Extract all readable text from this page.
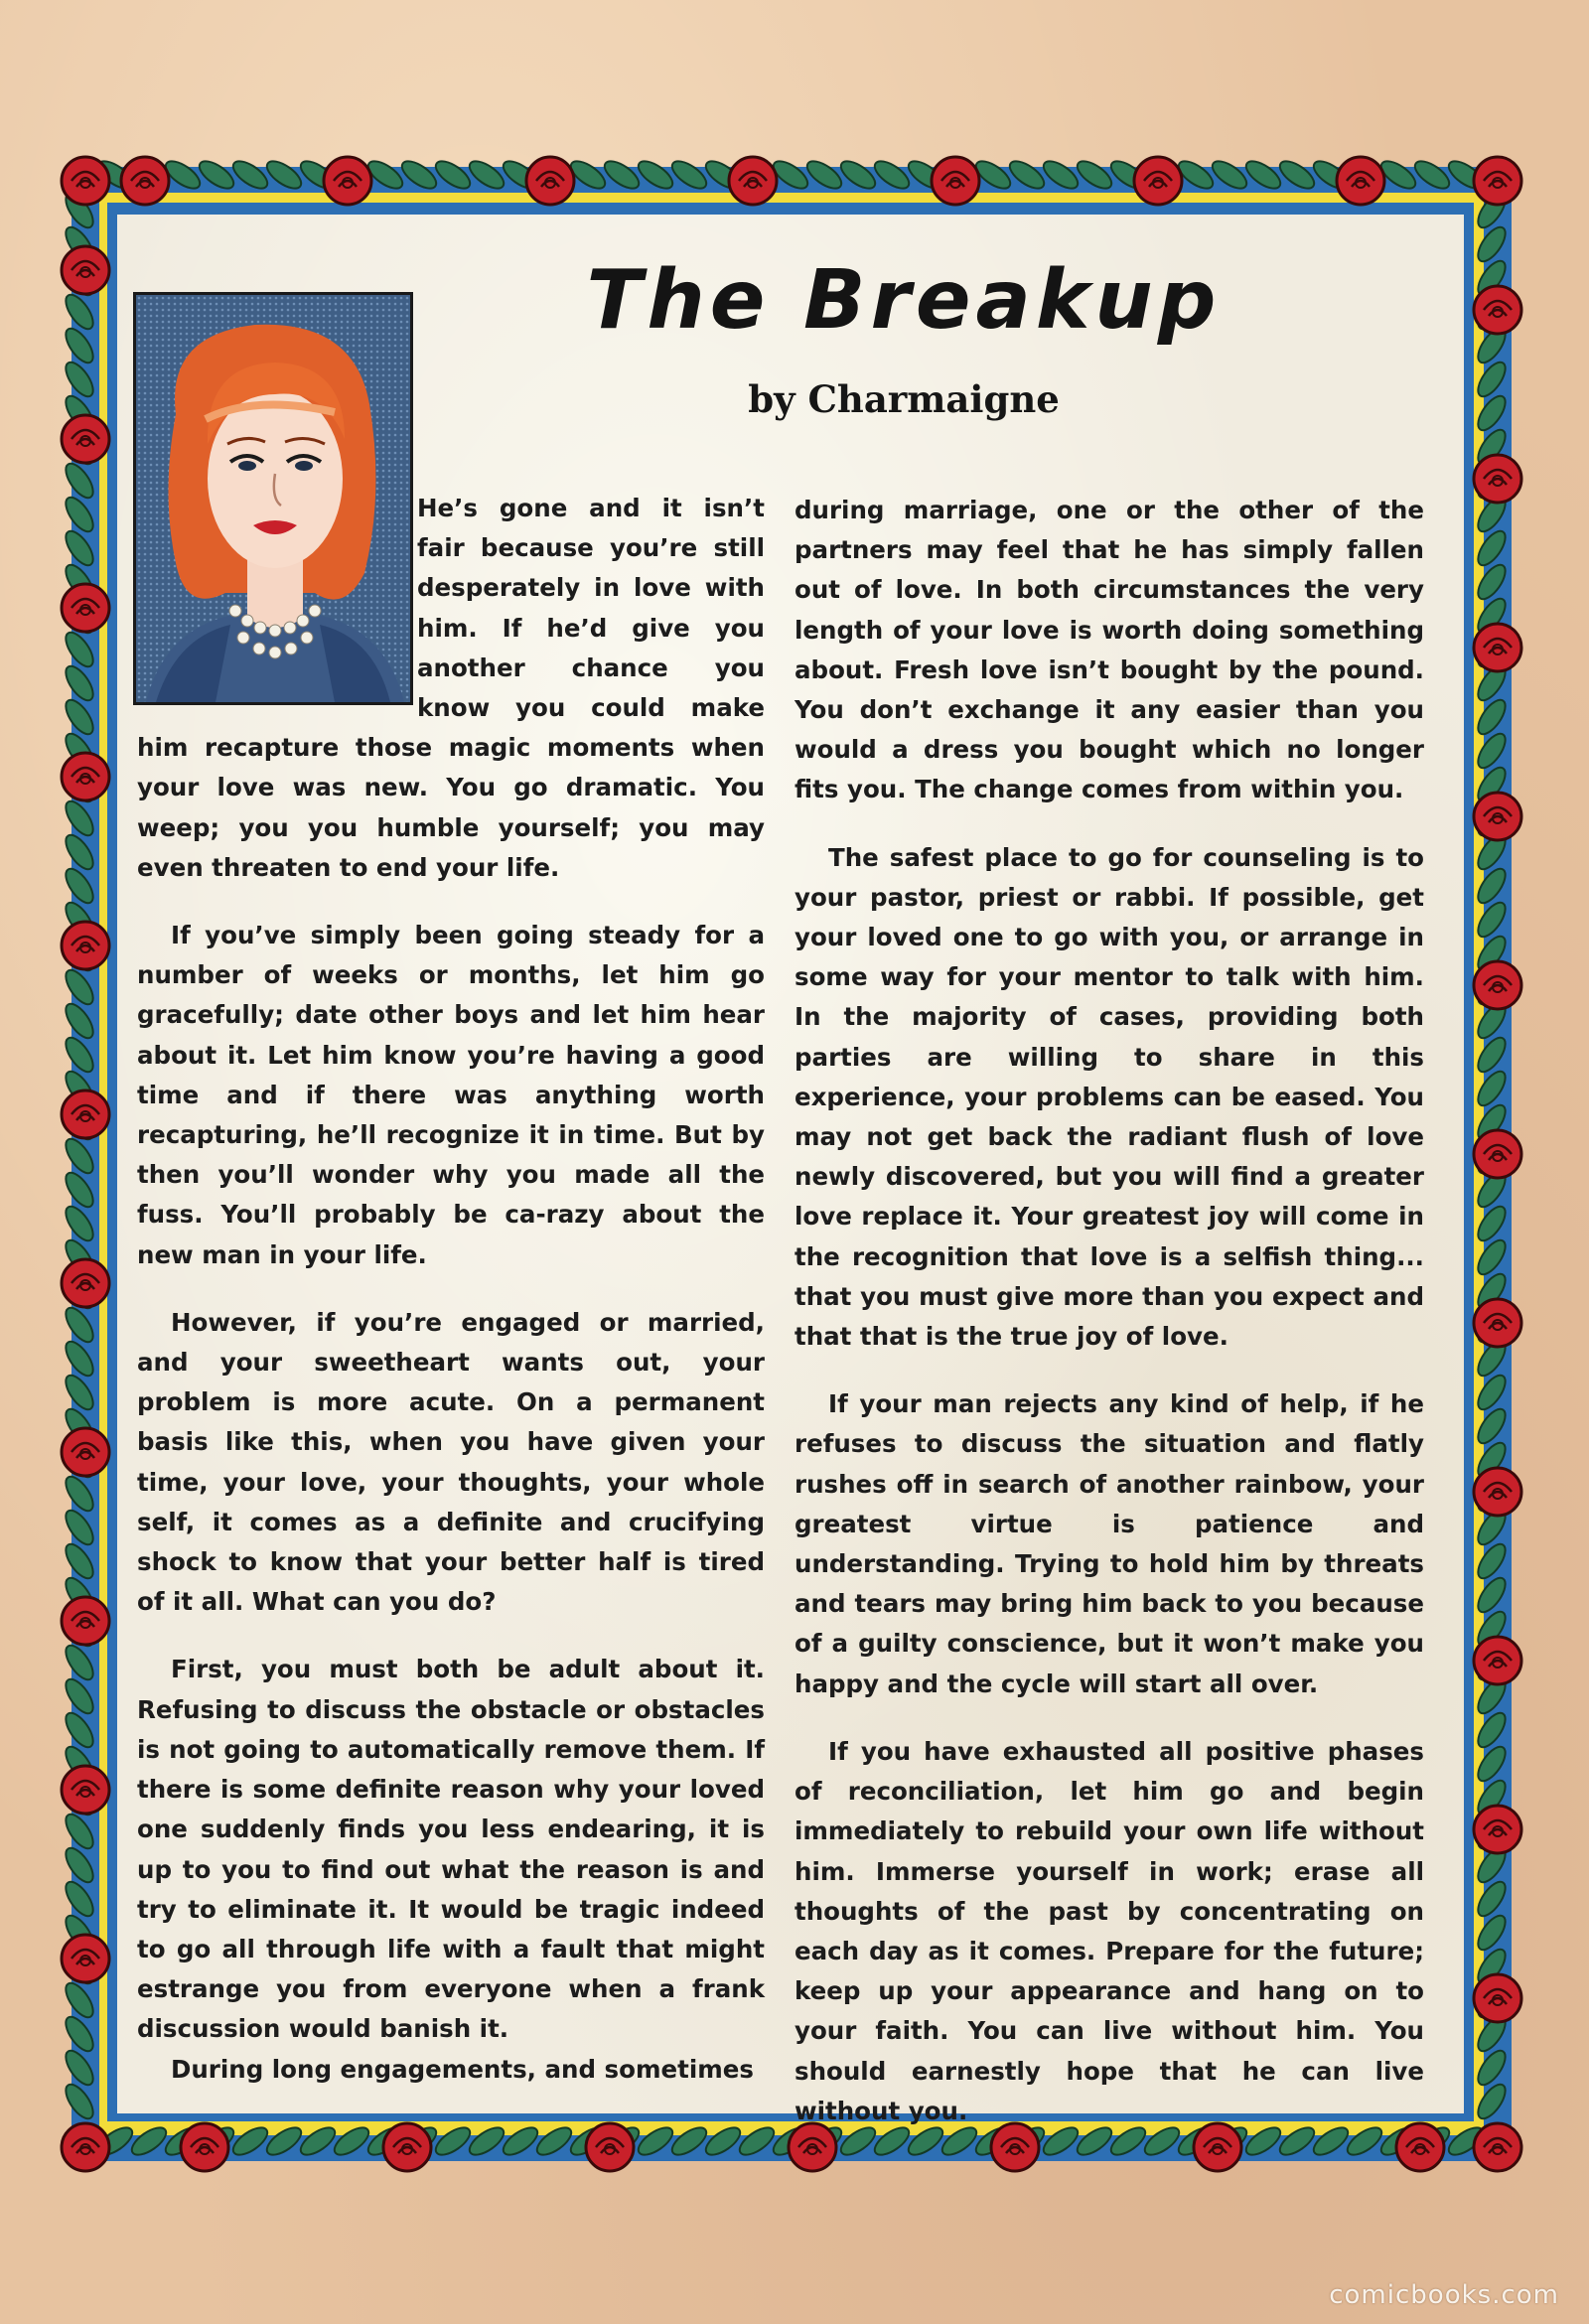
The Breakup
by Charmaigne

He’s gone and it isn’t fair because you’re still desperately in love with him. If he’d give you another chance you know you could make him recapture those magic moments when your love was new. You go dramatic. You weep; you you humble yourself; you may even threaten to end your life.

If you’ve simply been going steady for a number of weeks or months, let him go gracefully; date other boys and let him hear about it. Let him know you’re having a good time and if there was anything worth recapturing, he’ll recognize it in time. But by then you’ll wonder why you made all the fuss. You’ll probably be ca-razy about the new man in your life.

However, if you’re engaged or married, and your sweetheart wants out, your problem is more acute. On a permanent basis like this, when you have given your time, your love, your thoughts, your whole self, it comes as a definite and crucifying shock to know that your better half is tired of it all. What can you do?

First, you must both be adult about it. Refusing to discuss the obstacle or obstacles is not going to automatically remove them. If there is some definite reason why your loved one suddenly finds you less endearing, it is up to you to find out what the reason is and try to eliminate it. It would be tragic indeed to go all through life with a fault that might estrange you from everyone when a frank discussion would banish it.

During long engagements, and sometimes

during marriage, one or the other of the partners may feel that he has simply fallen out of love. In both circumstances the very length of your love is worth doing something about. Fresh love isn’t bought by the pound. You don’t exchange it any easier than you would a dress you bought which no longer fits you. The change comes from within you.

The safest place to go for counseling is to your pastor, priest or rabbi. If possible, get your loved one to go with you, or arrange in some way for your mentor to talk with him. In the majority of cases, providing both parties are willing to share in this experience, your problems can be eased. You may not get back the radiant flush of love newly discovered, but you will find a greater love replace it. Your greatest joy will come in the recognition that love is a selfish thing... that you must give more than you expect and that that is the true joy of love.

If your man rejects any kind of help, if he refuses to discuss the situation and flatly rushes off in search of another rainbow, your greatest virtue is patience and understanding. Trying to hold him by threats and tears may bring him back to you because of a guilty conscience, but it won’t make you happy and the cycle will start all over.

If you have exhausted all positive phases of reconciliation, let him go and begin immediately to rebuild your own life without him. Immerse yourself in work; erase all thoughts of the past by concentrating on each day as it comes. Prepare for the future; keep up your appearance and hang on to your faith. You can live without him. You should earnestly hope that he can live without you.

comicbooks.com
